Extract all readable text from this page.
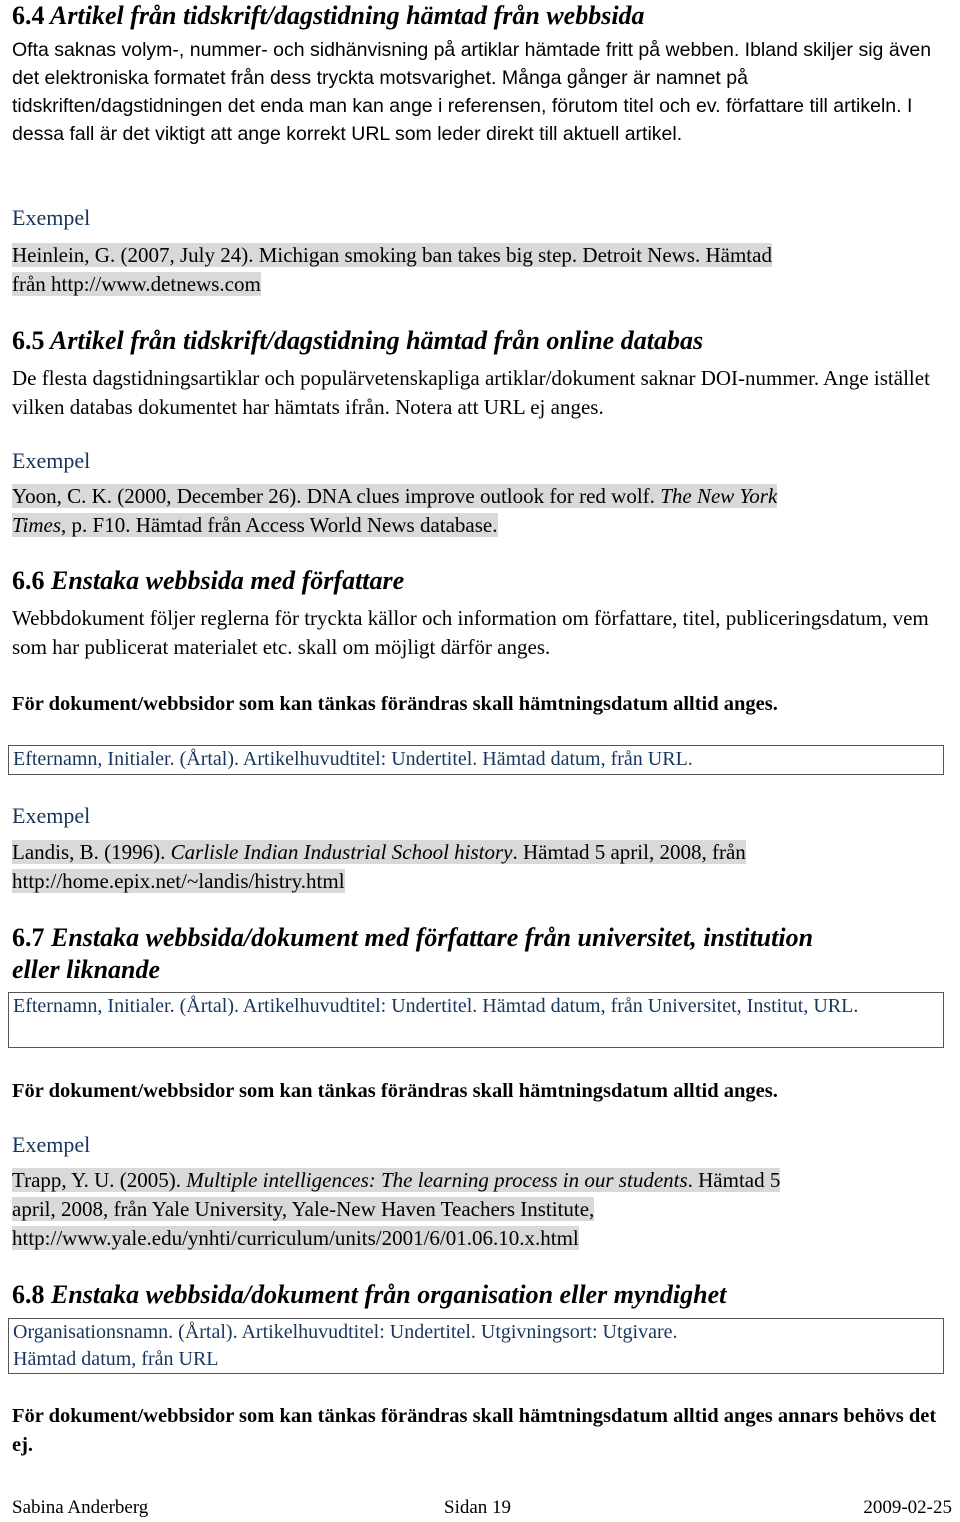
6.4 Artikel från tidskrift/dagstidning hämtad från webbsida
Ofta saknas volym-, nummer- och sidhänvisning på artiklar hämtade fritt på webben. Ibland skiljer sig även det elektroniska formatet från dess tryckta motsvarighet. Många gånger är namnet på tidskriften/dagstidningen det enda man kan ange i referensen, förutom titel och ev. författare till artikeln. I dessa fall är det viktigt att ange korrekt URL som leder direkt till aktuell artikel.
Exempel
Heinlein, G. (2007, July 24). Michigan smoking ban takes big step. Detroit News. Hämtad
från http://www.detnews.com
6.5 Artikel från tidskrift/dagstidning hämtad från online databas
De flesta dagstidningsartiklar och populärvetenskapliga artiklar/dokument saknar DOI-nummer. Ange istället vilken databas dokumentet har hämtats ifrån. Notera att URL ej anges.
Exempel
Yoon, C. K. (2000, December 26). DNA clues improve outlook for red wolf. The New York
Times, p. F10. Hämtad från Access World News database.
6.6 Enstaka webbsida med författare
Webbdokument följer reglerna för tryckta källor och information om författare, titel, publiceringsdatum, vem som har publicerat materialet etc. skall om möjligt därför anges.
För dokument/webbsidor som kan tänkas förändras skall hämtningsdatum alltid anges.
Efternamn, Initialer. (Årtal). Artikelhuvudtitel: Undertitel. Hämtad datum, från URL.
Exempel
Landis, B. (1996). Carlisle Indian Industrial School history. Hämtad 5 april, 2008, från
http://home.epix.net/~landis/histry.html
6.7 Enstaka webbsida/dokument med författare från universitet, institution
eller liknande
Efternamn, Initialer. (Årtal). Artikelhuvudtitel: Undertitel. Hämtad datum, från Universitet, Institut, URL.
För dokument/webbsidor som kan tänkas förändras skall hämtningsdatum alltid anges.
Exempel
Trapp, Y. U. (2005). Multiple intelligences: The learning process in our students. Hämtad 5
april, 2008, från Yale University, Yale-New Haven Teachers Institute,
http://www.yale.edu/ynhti/curriculum/units/2001/6/01.06.10.x.html
6.8 Enstaka webbsida/dokument från organisation eller myndighet
Organisationsnamn. (Årtal). Artikelhuvudtitel: Undertitel. Utgivningsort: Utgivare.
Hämtad datum, från URL
För dokument/webbsidor som kan tänkas förändras skall hämtningsdatum alltid anges annars behövs det ej.
Sabina Anderberg	Sidan 19	2009-02-25
